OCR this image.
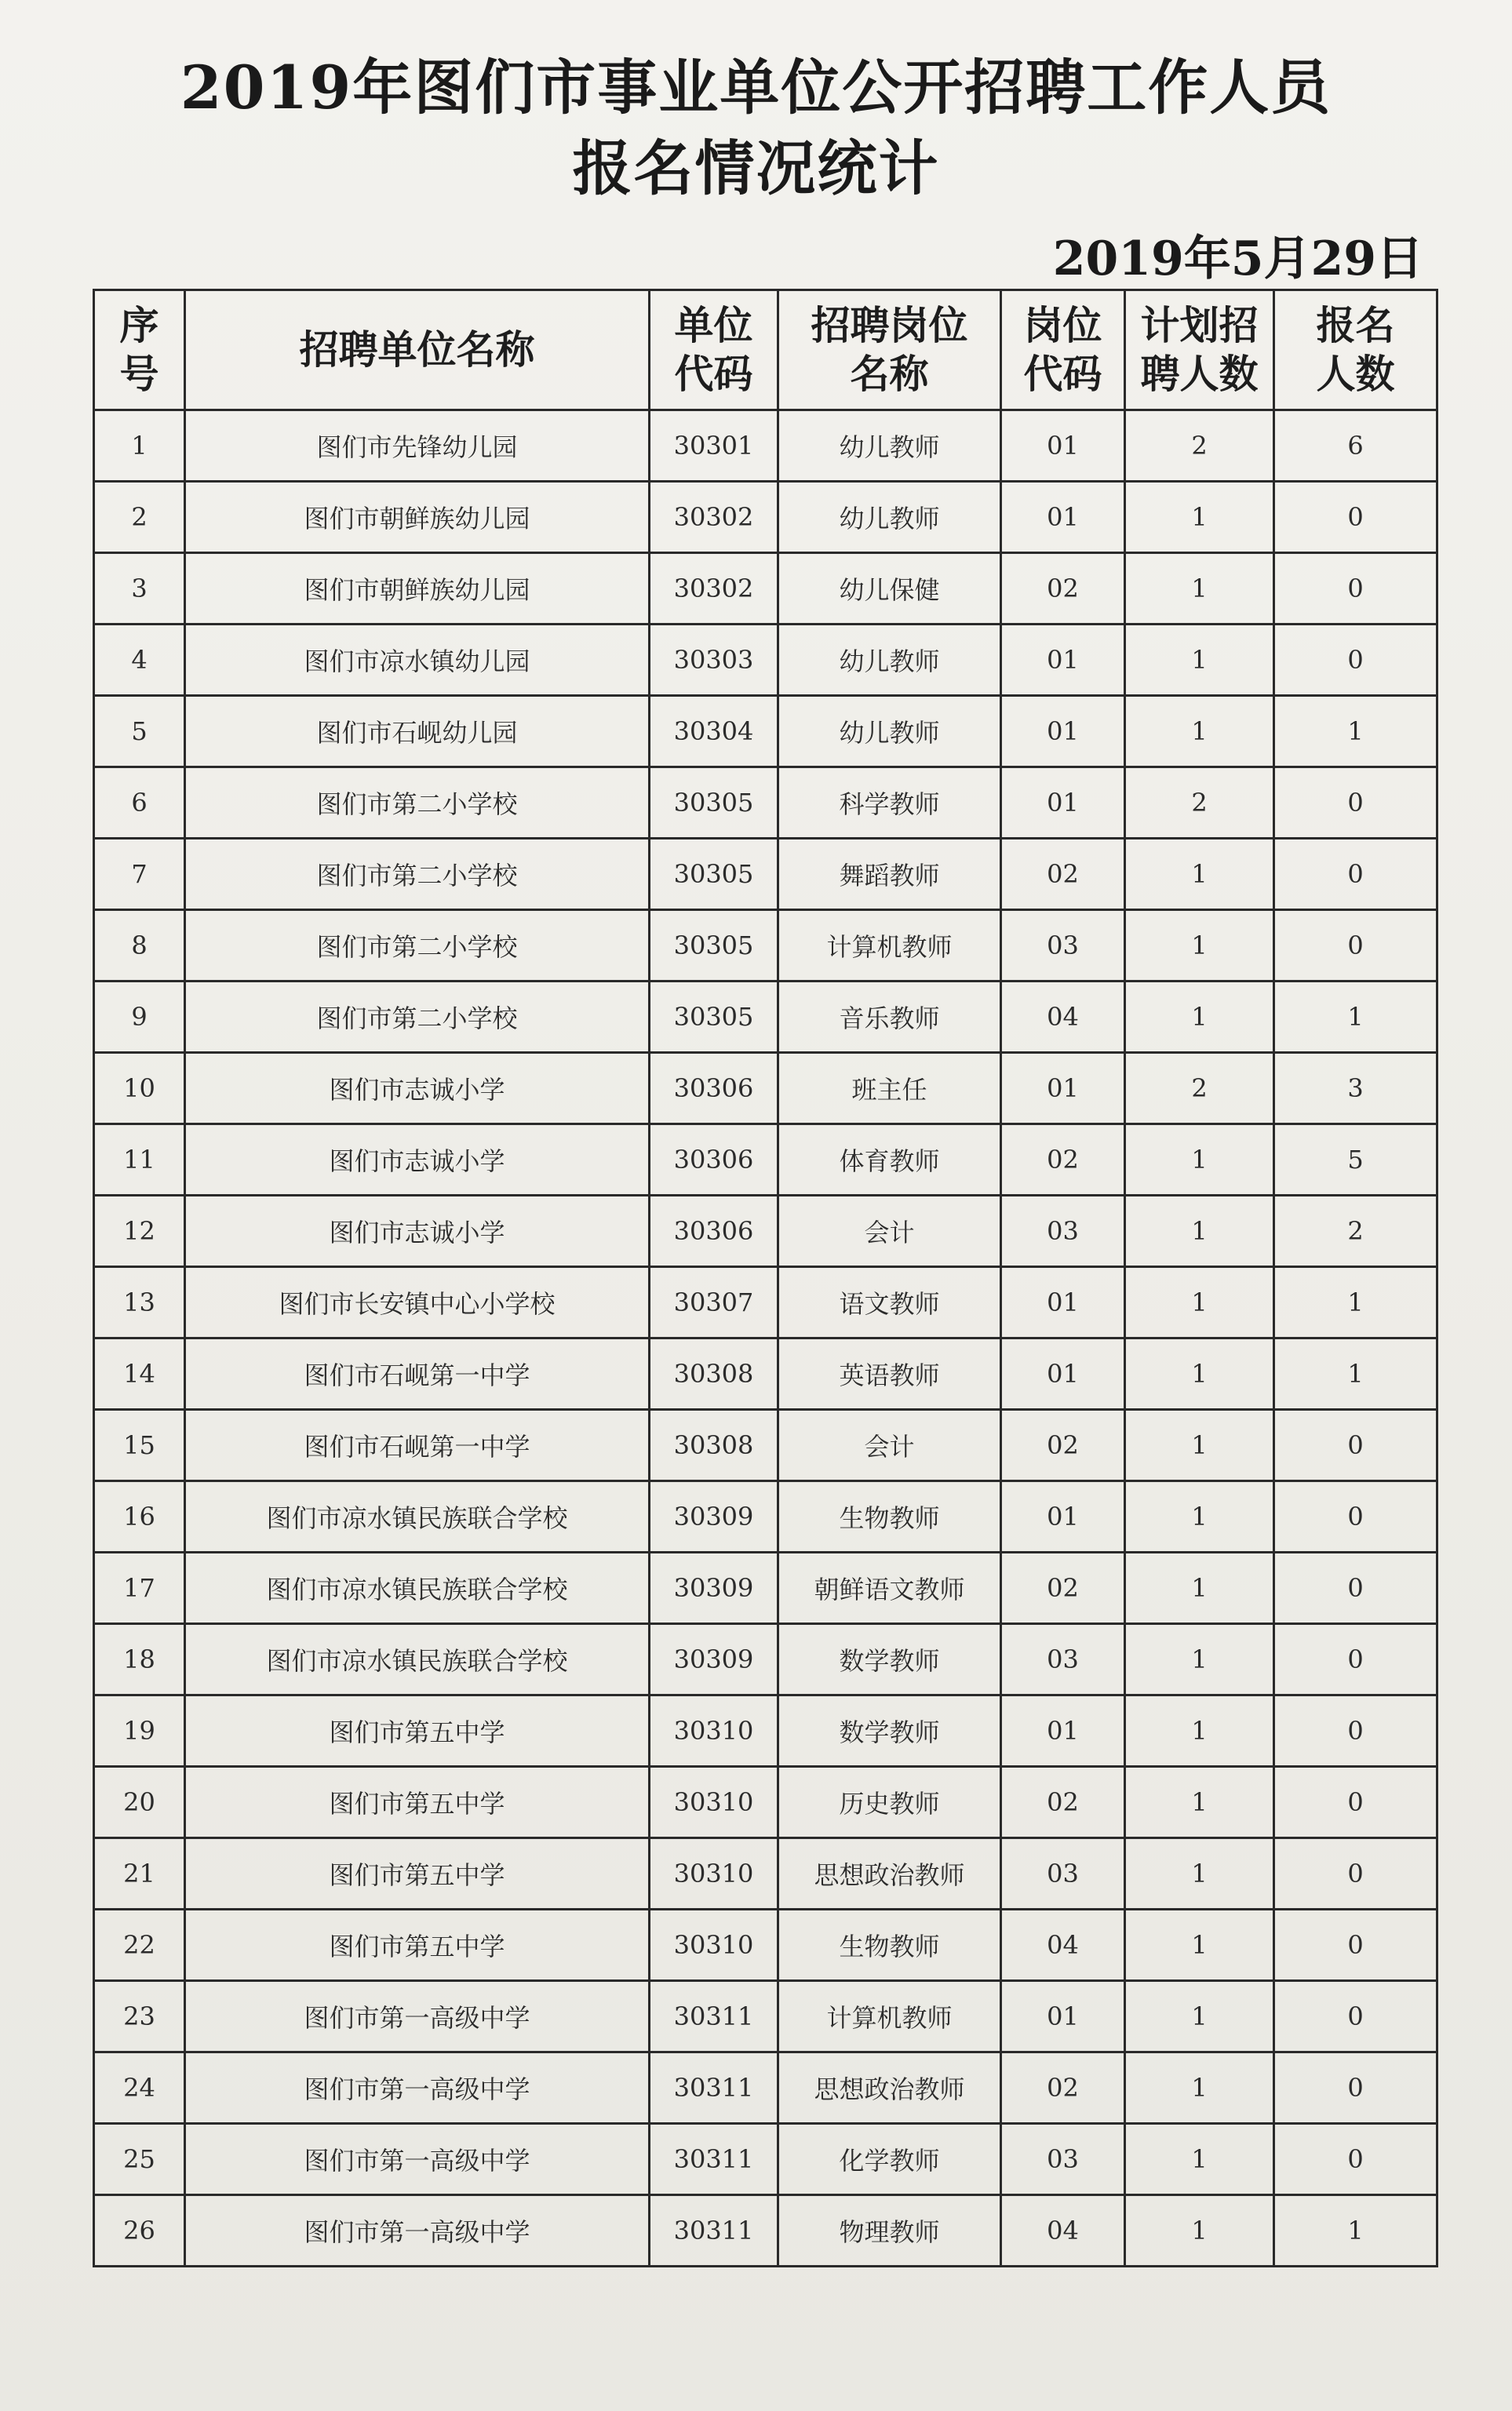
2019年图们市事业单位公开招聘工作人员
报名情况统计
2019年5月29日
序号	招聘单位名称	单位代码	招聘岗位名称	岗位代码	计划招聘人数	报名人数
1	图们市先锋幼儿园	30301	幼儿教师	01	2	6
2	图们市朝鲜族幼儿园	30302	幼儿教师	01	1	0
3	图们市朝鲜族幼儿园	30302	幼儿保健	02	1	0
4	图们市凉水镇幼儿园	30303	幼儿教师	01	1	0
5	图们市石岘幼儿园	30304	幼儿教师	01	1	1
6	图们市第二小学校	30305	科学教师	01	2	0
7	图们市第二小学校	30305	舞蹈教师	02	1	0
8	图们市第二小学校	30305	计算机教师	03	1	0
9	图们市第二小学校	30305	音乐教师	04	1	1
10	图们市志诚小学	30306	班主任	01	2	3
11	图们市志诚小学	30306	体育教师	02	1	5
12	图们市志诚小学	30306	会计	03	1	2
13	图们市长安镇中心小学校	30307	语文教师	01	1	1
14	图们市石岘第一中学	30308	英语教师	01	1	1
15	图们市石岘第一中学	30308	会计	02	1	0
16	图们市凉水镇民族联合学校	30309	生物教师	01	1	0
17	图们市凉水镇民族联合学校	30309	朝鲜语文教师	02	1	0
18	图们市凉水镇民族联合学校	30309	数学教师	03	1	0
19	图们市第五中学	30310	数学教师	01	1	0
20	图们市第五中学	30310	历史教师	02	1	0
21	图们市第五中学	30310	思想政治教师	03	1	0
22	图们市第五中学	30310	生物教师	04	1	0
23	图们市第一高级中学	30311	计算机教师	01	1	0
24	图们市第一高级中学	30311	思想政治教师	02	1	0
25	图们市第一高级中学	30311	化学教师	03	1	0
26	图们市第一高级中学	30311	物理教师	04	1	1
